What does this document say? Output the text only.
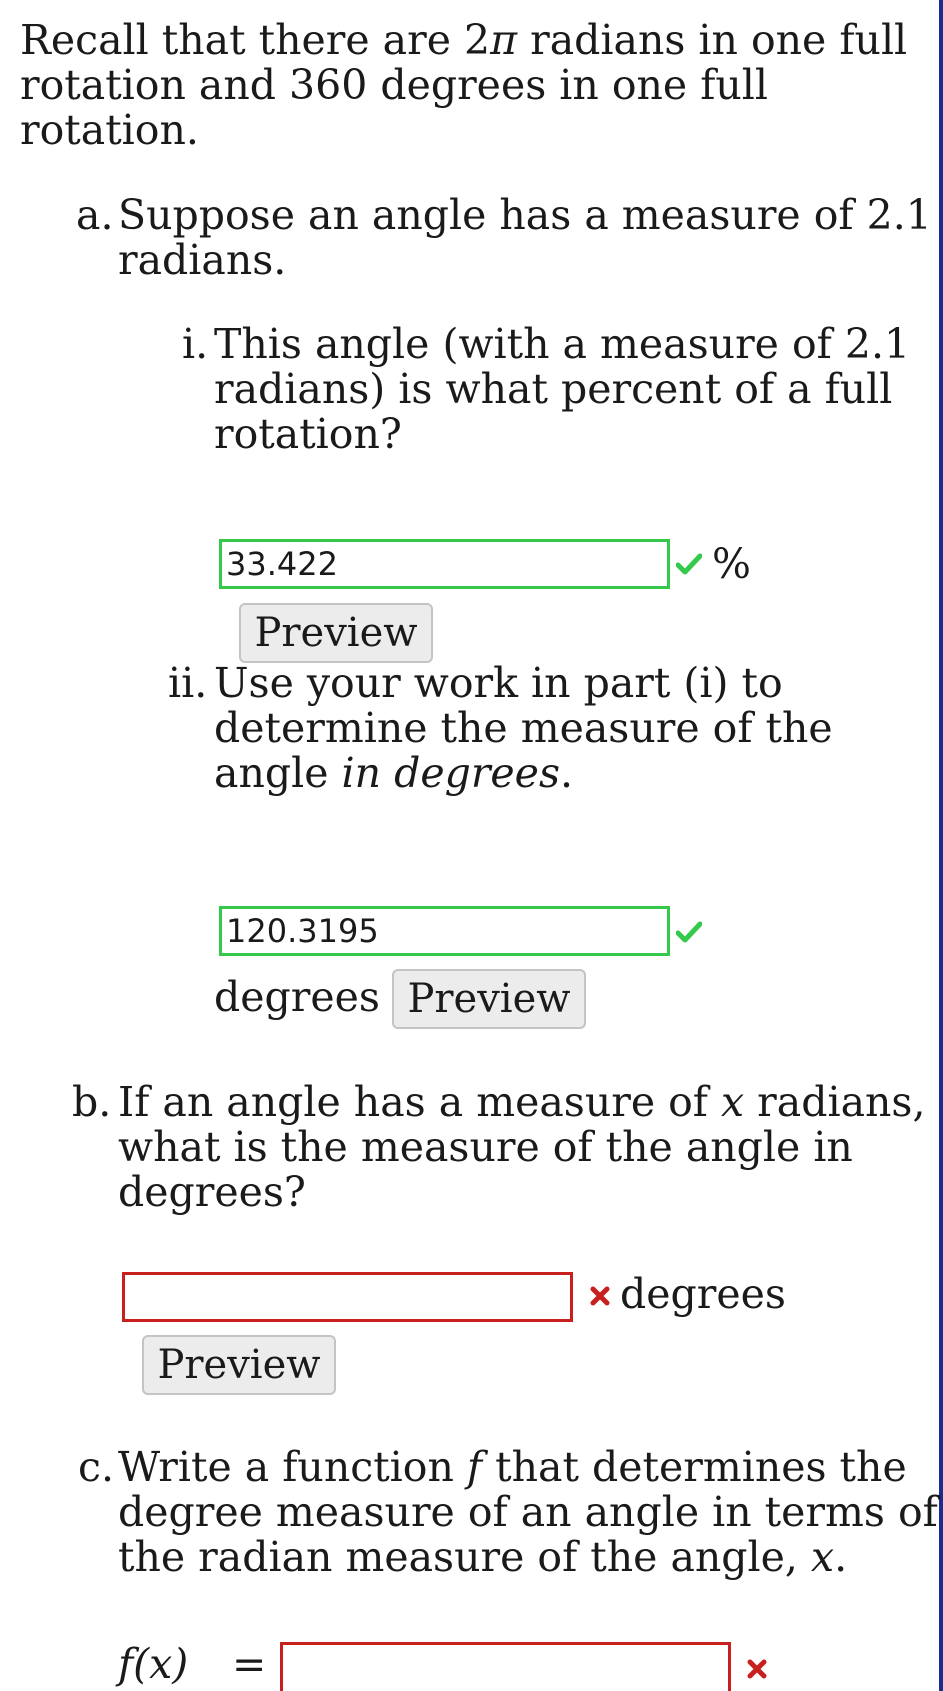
Recall that there are 2π radians in one full

rotation and 360 degrees in one full

rotation.

a. Suppose an angle has a measure of 2.1

radians.

i. This angle (with a measure of 2.1

radians) is what percent of a full

rotation?

33.422
%
Preview
ii. Use your work in part (i) to

determine the measure of the

angle in degrees.

120.3195
degrees Preview
b. If an angle has a measure of x radians,

what is the measure of the angle in

degrees?

degrees
Preview
c. Write a function f that determines the

degree measure of an angle in terms of

the radian measure of the angle, x.

f(x) =
